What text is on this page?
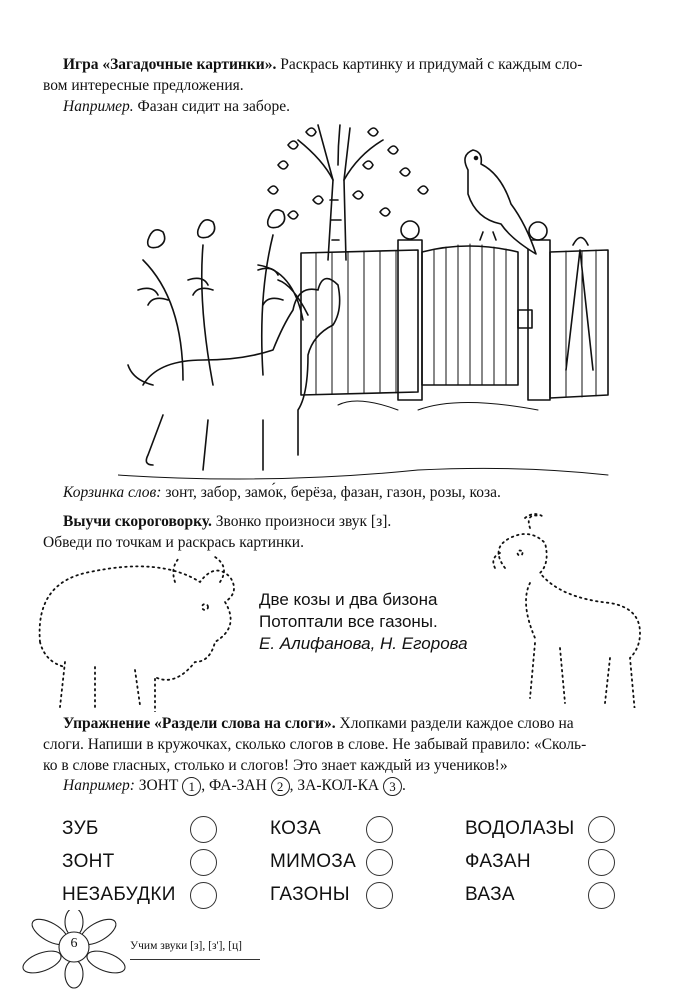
Игра «Загадочные картинки». Раскрась картинку и придумай с каждым сло-
вом интересные предложения.
Например. Фазан сидит на заборе.
Корзинка слов: зонт, забор, замо́к, берёза, фазан, газон, розы, коза.
Выучи скороговорку. Звонко произноси звук [з].
Обведи по точкам и раскрась картинки.
Две козы и два бизона
Потоптали все газоны.
Е. Алифанова, Н. Егорова
Упражнение «Раздели слова на слоги». Хлопками раздели каждое слово на
слоги. Напиши в кружочках, сколько слогов в слове. Не забывай правило: «Сколь-
ко в слове гласных, столько и слогов! Это знает каждый из учеников!»
Например: ЗОНТ 1 , ФА-ЗАН 2 , ЗА-КОЛ-КА 3 .
ЗУБ
ЗОНТ
НЕЗАБУДКИ
КОЗА
МИМОЗА
ГАЗОНЫ
ВОДОЛАЗЫ
ФАЗАН
ВАЗА
6	Учим звуки [з], [з'], [ц]
